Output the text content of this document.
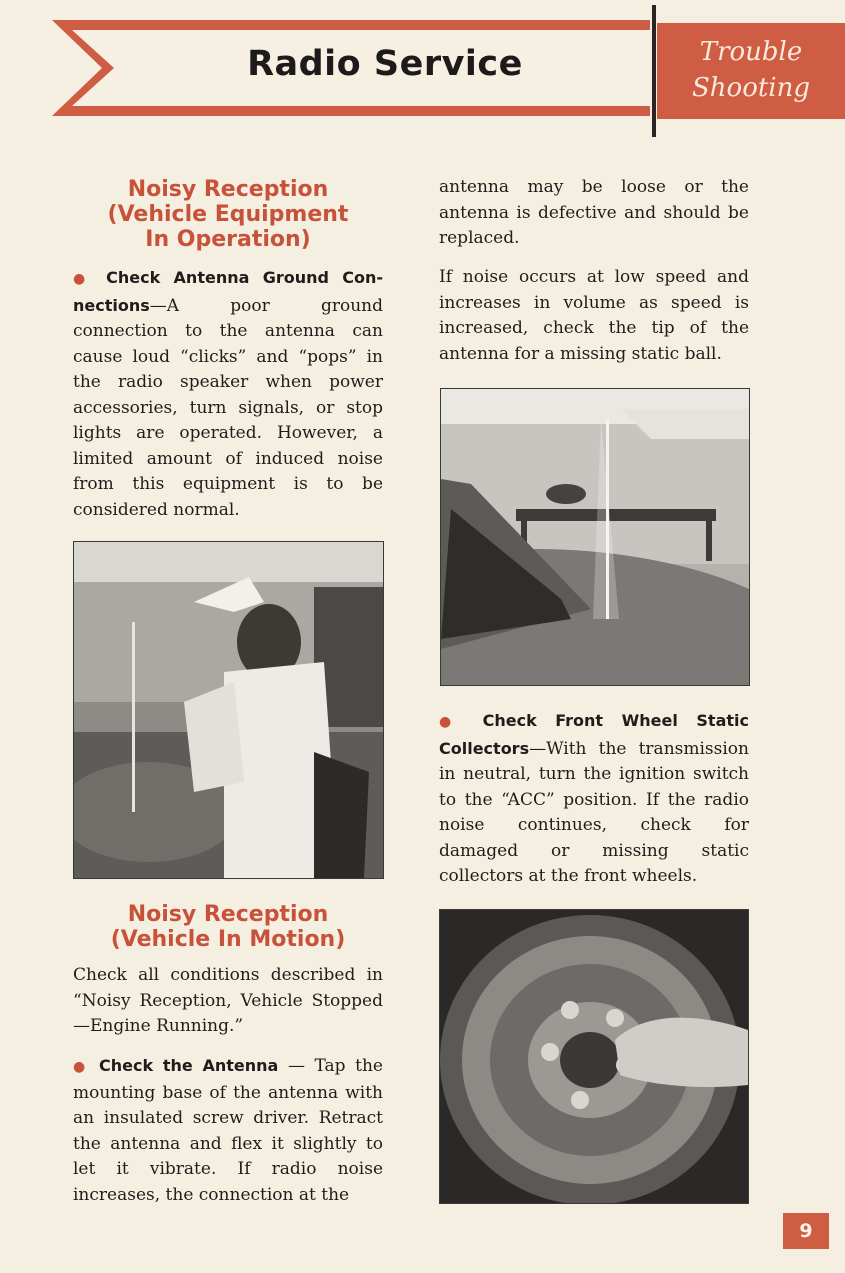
Radio Service	Trouble
Shooting

Noisy Reception

(Vehicle Equipment

In Operation)

● Check Antenna Ground Con-nections—A poor ground connection to the antenna can cause loud “clicks” and “pops” in the radio speaker when power accessories, turn signals, or stop lights are operated. However, a limited amount of induced noise from this equipment is to be considered normal.

Noisy Reception

(Vehicle In Motion)

Check all conditions described in “Noisy Reception, Vehicle Stopped—Engine Running.”

● Check the Antenna — Tap the mounting base of the antenna with an insulated screw driver. Retract the antenna and flex it slightly to let it vibrate. If radio noise increases, the connection at the

antenna may be loose or the antenna is defective and should be replaced.

If noise occurs at low speed and increases in volume as speed is increased, check the tip of the antenna for a missing static ball.

● Check Front Wheel Static Collectors—With the transmission in neutral, turn the ignition switch to the “ACC” position. If the radio noise continues, check for damaged or missing static collectors at the front wheels.

9
